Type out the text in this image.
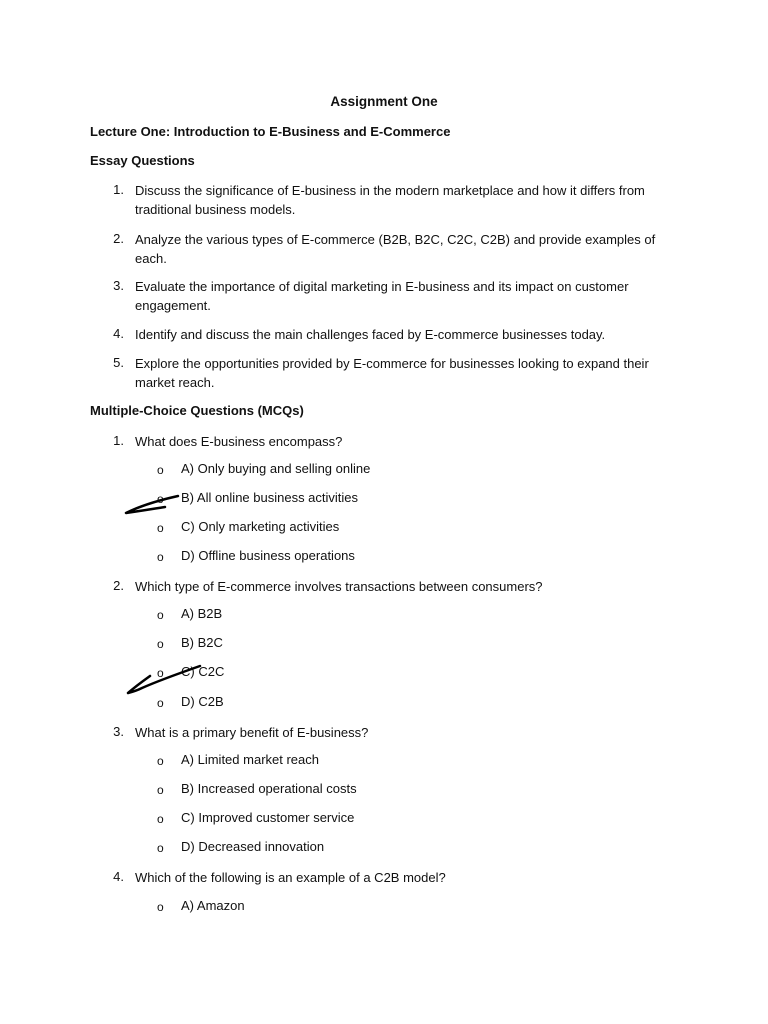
Assignment One
Lecture One: Introduction to E-Business and E-Commerce
Essay Questions
1. Discuss the significance of E-business in the modern marketplace and how it differs from traditional business models.
2. Analyze the various types of E-commerce (B2B, B2C, C2C, C2B) and provide examples of each.
3. Evaluate the importance of digital marketing in E-business and its impact on customer engagement.
4. Identify and discuss the main challenges faced by E-commerce businesses today.
5. Explore the opportunities provided by E-commerce for businesses looking to expand their market reach.
Multiple-Choice Questions (MCQs)
1. What does E-business encompass?
o A) Only buying and selling online
o B) All online business activities
o C) Only marketing activities
o D) Offline business operations
2. Which type of E-commerce involves transactions between consumers?
o A) B2B
o B) B2C
o C) C2C
o D) C2B
3. What is a primary benefit of E-business?
o A) Limited market reach
o B) Increased operational costs
o C) Improved customer service
o D) Decreased innovation
4. Which of the following is an example of a C2B model?
o A) Amazon
